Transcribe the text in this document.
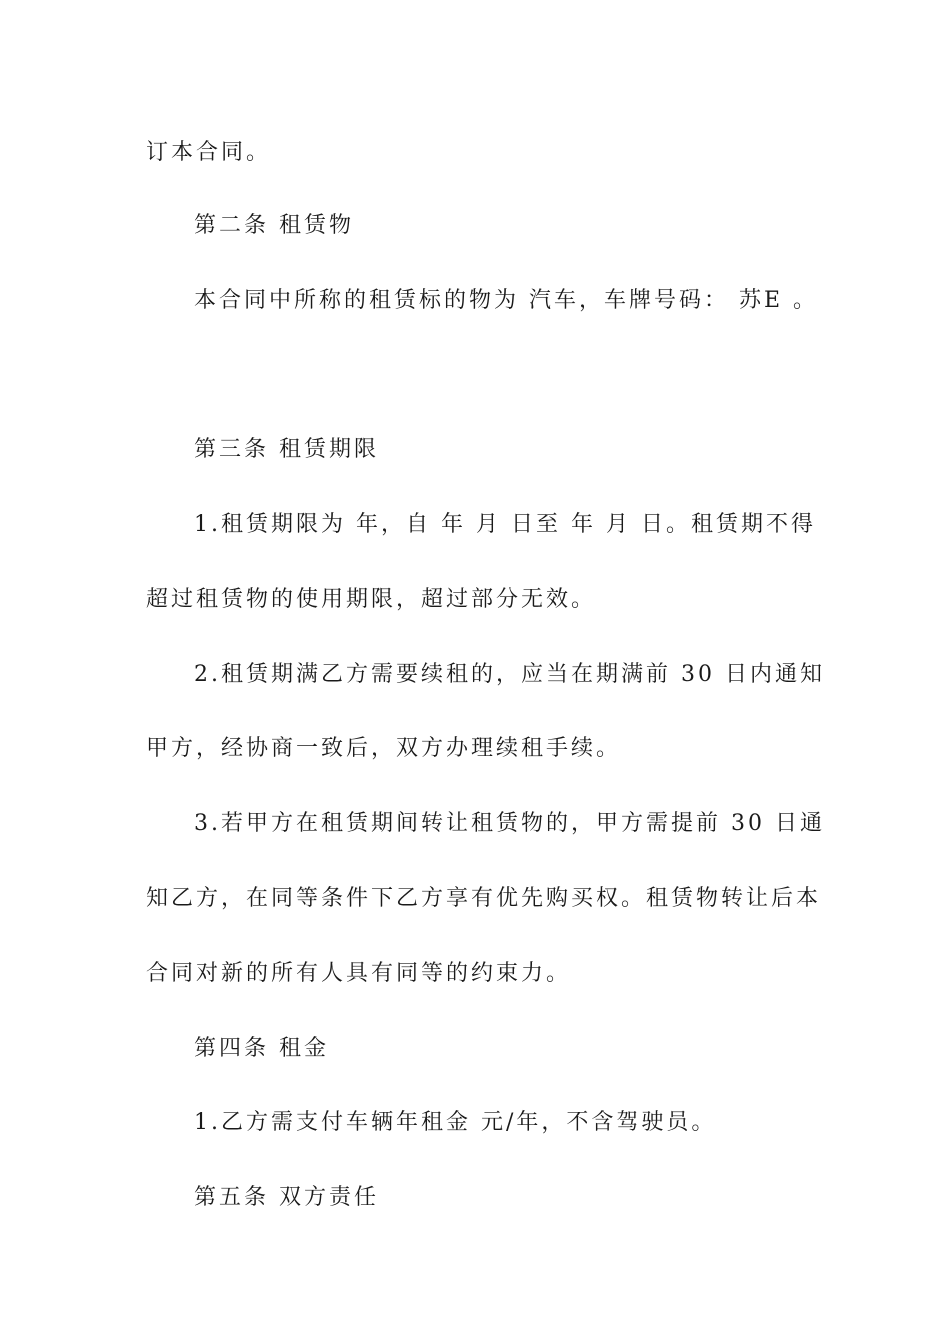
订本合同。
第二条 租赁物
本合同中所称的租赁标的物为 汽车，车牌号码： 苏E 。
第三条 租赁期限
1.租赁期限为 年，自 年 月 日至 年 月 日。租赁期不得
超过租赁物的使用期限，超过部分无效。
2.租赁期满乙方需要续租的，应当在期满前 30 日内通知
甲方，经协商一致后，双方办理续租手续。
3.若甲方在租赁期间转让租赁物的，甲方需提前 30 日通
知乙方，在同等条件下乙方享有优先购买权。租赁物转让后本
合同对新的所有人具有同等的约束力。
第四条 租金
1.乙方需支付车辆年租金 元/年，不含驾驶员。
第五条 双方责任
